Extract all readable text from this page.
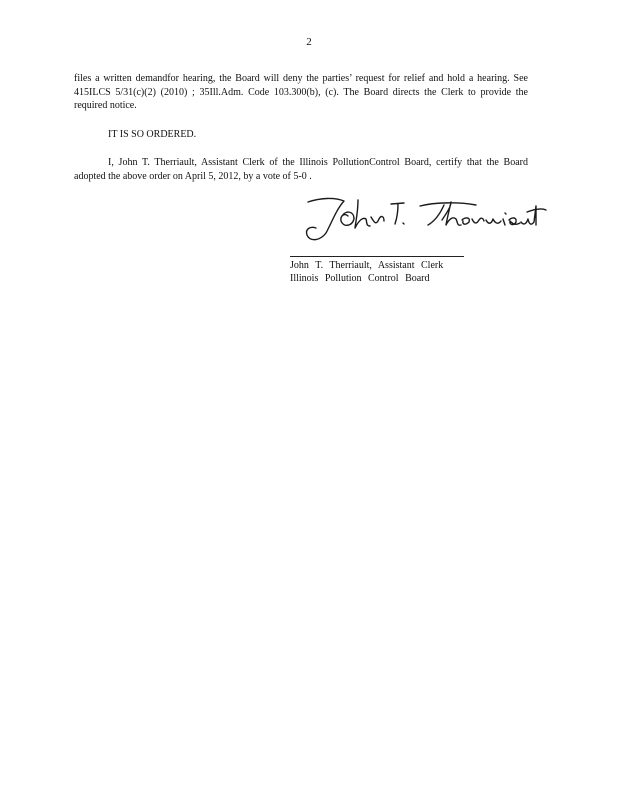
2

files a written demandfor hearing, the Board will deny the parties’ request for relief and hold a hearing. See 415ILCS 5/31(c)(2) (2010) ; 35Ill.Adm. Code 103.300(b), (c). The Board directs the Clerk to provide the required notice.

IT IS SO ORDERED.

I, John T. Therriault, Assistant Clerk of the Illinois PollutionControl Board, certify that the Board adopted the above order on April 5, 2012, by a vote of 5-0 .

John T. Therriault, Assistant Clerk
Illinois Pollution Control Board
